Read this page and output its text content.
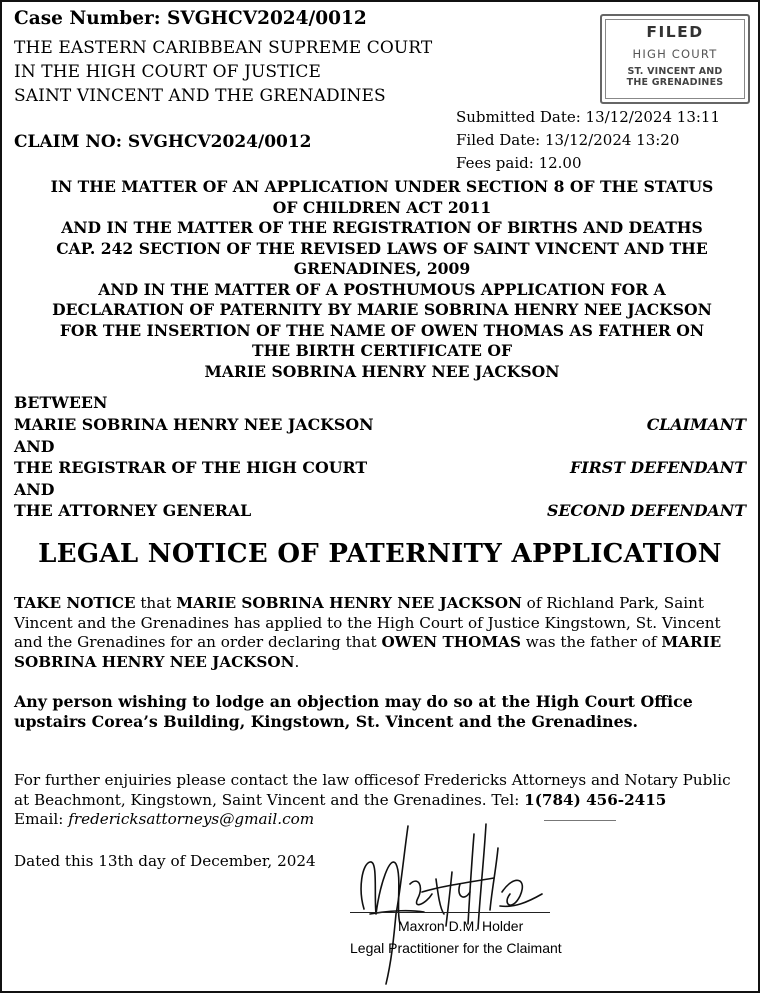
Case Number: SVGHCV2024/0012
THE EASTERN CARIBBEAN SUPREME COURT
IN THE HIGH COURT OF JUSTICE
SAINT VINCENT AND THE GRENADINES
FILED
HIGH COURT
ST. VINCENT AND
THE GRENADINES
Submitted Date: 13/12/2024 13:11
Filed Date: 13/12/2024 13:20
Fees paid: 12.00
CLAIM NO: SVGHCV2024/0012
IN THE MATTER OF AN APPLICATION UNDER SECTION 8 OF THE STATUS
OF CHILDREN ACT 2011
AND IN THE MATTER OF THE REGISTRATION OF BIRTHS AND DEATHS
CAP. 242 SECTION OF THE REVISED LAWS OF SAINT VINCENT AND THE
GRENADINES, 2009
AND IN THE MATTER OF A POSTHUMOUS APPLICATION FOR A
DECLARATION OF PATERNITY BY MARIE SOBRINA HENRY NEE JACKSON
FOR THE INSERTION OF THE NAME OF OWEN THOMAS AS FATHER ON
THE BIRTH CERTIFICATE OF
MARIE SOBRINA HENRY NEE JACKSON
BETWEEN
MARIE SOBRINA HENRY NEE JACKSON	CLAIMANT
AND
THE REGISTRAR OF THE HIGH COURT	FIRST DEFENDANT
AND
THE ATTORNEY GENERAL	SECOND DEFENDANT
LEGAL NOTICE OF PATERNITY APPLICATION
TAKE NOTICE that MARIE SOBRINA HENRY NEE JACKSON of Richland Park, Saint Vincent and the Grenadines has applied to the High Court of Justice Kingstown, St. Vincent and the Grenadines for an order declaring that OWEN THOMAS was the father of MARIE SOBRINA HENRY NEE JACKSON.
Any person wishing to lodge an objection may do so at the High Court Office upstairs Corea’s Building, Kingstown, St. Vincent and the Grenadines.
For further enjuiries please contact the law officesof Fredericks Attorneys and Notary Public at Beachmont, Kingstown, Saint Vincent and the Grenadines. Tel: 1(784) 456-2415
Email: fredericksattorneys@gmail.com
Dated this 13th day of December, 2024
Maxron D.M. Holder
Legal Practitioner for the Claimant
